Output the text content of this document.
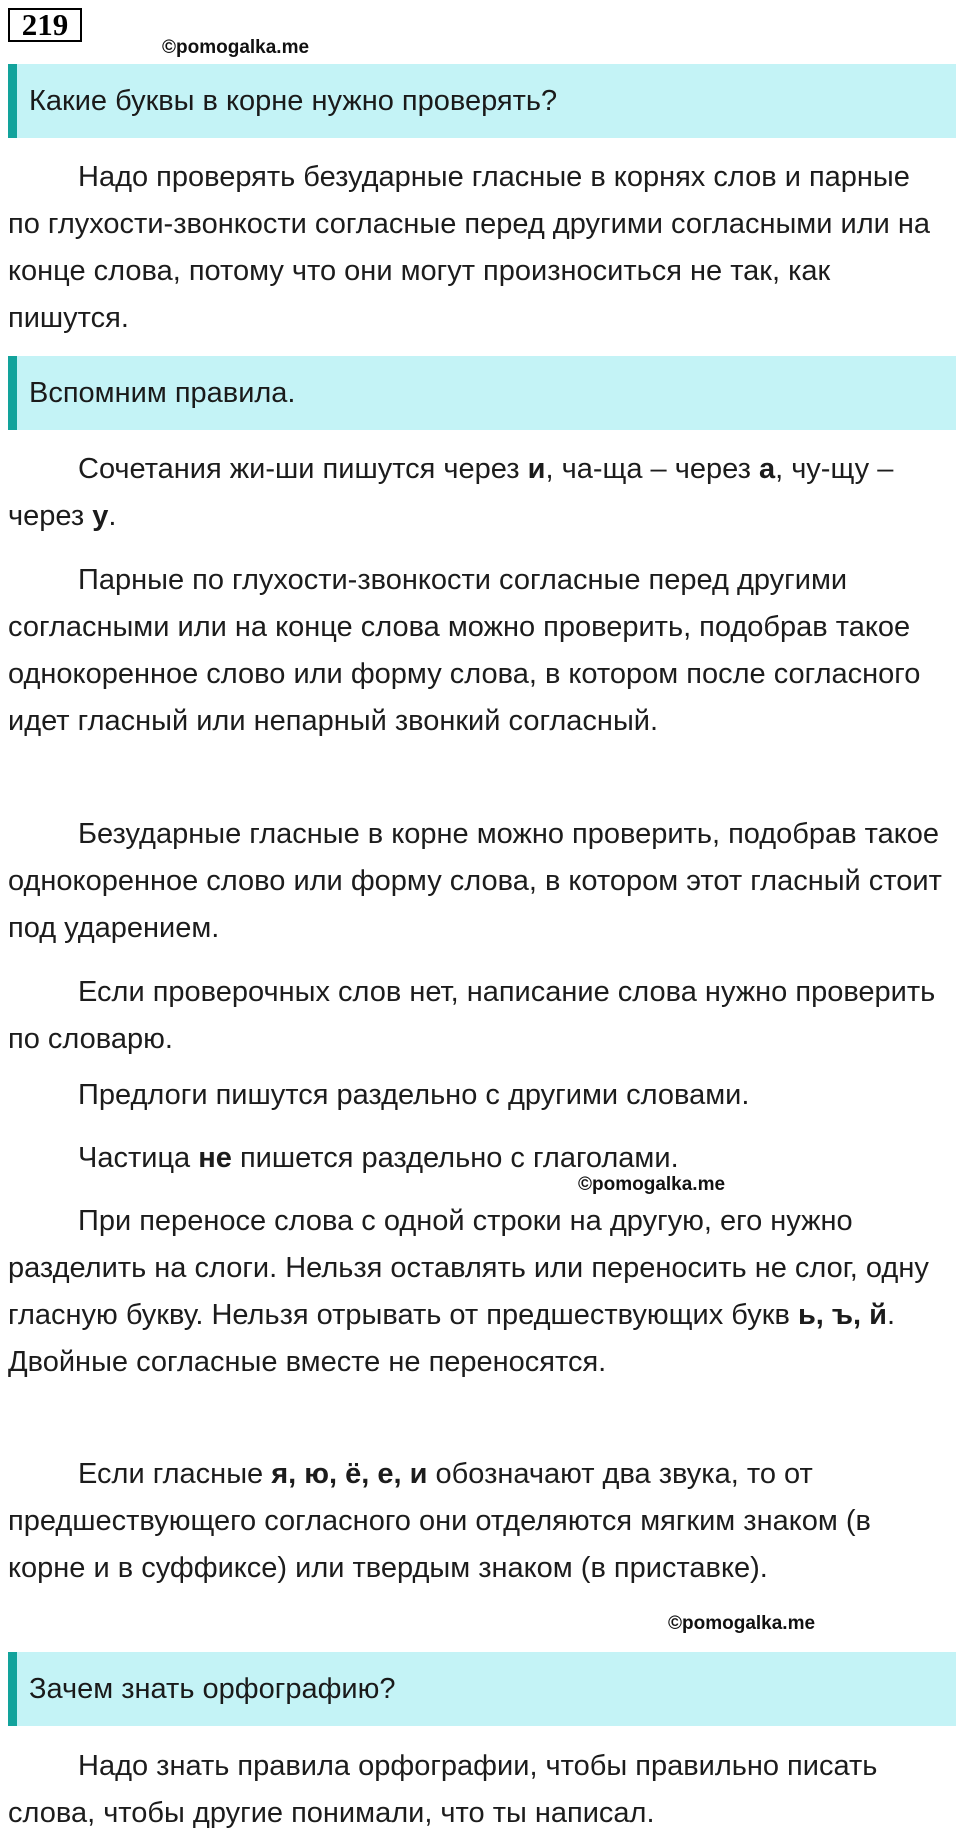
219
©pomogalka.me
Какие буквы в корне нужно проверять?
Надо проверять безударные гласные в корнях слов и парные по глухости-звонкости согласные перед другими согласными или на конце слова, потому что они могут произноситься не так, как пишутся.
Вспомним правила.
Сочетания жи-ши пишутся через и, ча-ща – через а, чу-щу – через у.
Парные по глухости-звонкости согласные перед другими согласными или на конце слова можно проверить, подобрав такое однокоренное слово или форму слова, в котором после согласного идет гласный или непарный звонкий согласный.
Безударные гласные в корне можно проверить, подобрав такое однокоренное слово или форму слова, в котором этот гласный стоит под ударением.
Если проверочных слов нет, написание слова нужно проверить по словарю.
Предлоги пишутся раздельно с другими словами.
Частица не пишется раздельно с глаголами.
©pomogalka.me
При переносе слова с одной строки на другую, его нужно разделить на слоги. Нельзя оставлять или переносить не слог, одну гласную букву. Нельзя отрывать от предшествующих букв ь, ъ, й. Двойные согласные вместе не переносятся.
Если гласные я, ю, ё, е, и обозначают два звука, то от предшествующего согласного они отделяются мягким знаком (в корне и в суффиксе) или твердым знаком (в приставке).
©pomogalka.me
Зачем знать орфографию?
Надо знать правила орфографии, чтобы правильно писать слова, чтобы другие понимали, что ты написал.
